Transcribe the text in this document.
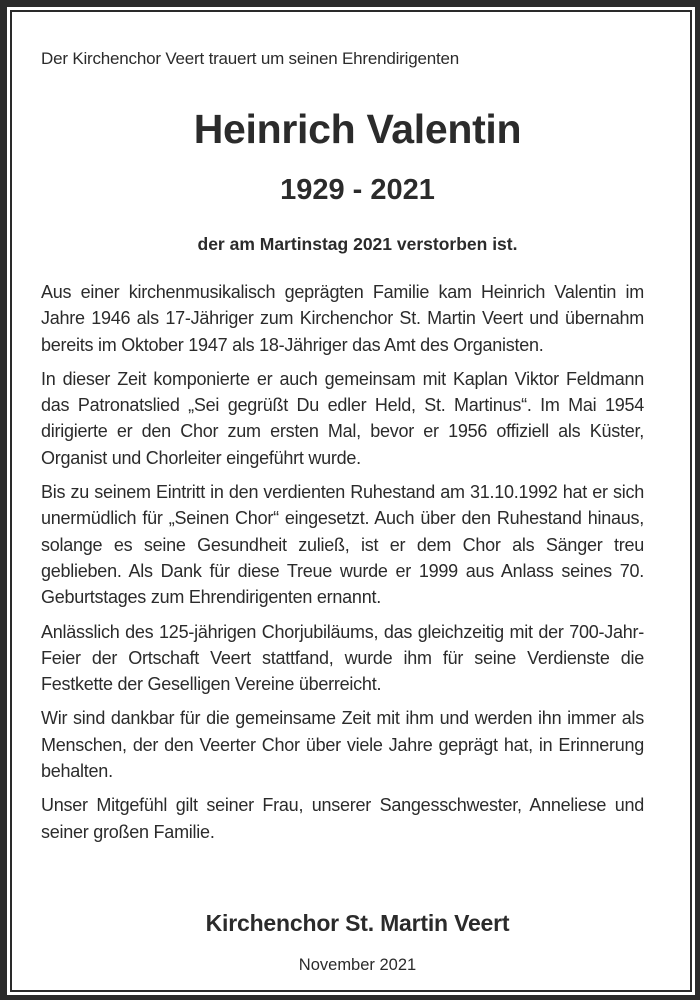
Der Kirchenchor Veert trauert um seinen Ehrendirigenten
Heinrich Valentin
1929 - 2021
der am Martinstag 2021 verstorben ist.

Aus einer kirchenmusikalisch geprägten Familie kam Heinrich Valentin im Jahre 1946 als 17-Jähriger zum Kirchenchor St. Martin Veert und übernahm bereits im Oktober 1947 als 18-Jähriger das Amt des Organisten.

In dieser Zeit komponierte er auch gemeinsam mit Kaplan Viktor Feldmann das Patronatslied „Sei gegrüßt Du edler Held, St. Martinus“. Im Mai 1954 dirigierte er den Chor zum ersten Mal, bevor er 1956 offiziell als Küster, Organist und Chorleiter eingeführt wurde.

Bis zu seinem Eintritt in den verdienten Ruhestand am 31.10.1992 hat er sich unermüdlich für „Seinen Chor“ eingesetzt. Auch über den Ruhestand hinaus, solange es seine Gesundheit zuließ, ist er dem Chor als Sänger treu geblieben. Als Dank für diese Treue wurde er 1999 aus Anlass seines 70. Geburtstages zum Ehrendirigenten ernannt.

Anlässlich des 125-jährigen Chorjubiläums, das gleichzeitig mit der 700-Jahr-Feier der Ortschaft Veert stattfand, wurde ihm für seine Verdienste die Festkette der Geselligen Vereine überreicht.

Wir sind dankbar für die gemeinsame Zeit mit ihm und werden ihn immer als Menschen, der den Veerter Chor über viele Jahre geprägt hat, in Erinnerung behalten.

Unser Mitgefühl gilt seiner Frau, unserer Sangesschwester, Anneliese und seiner großen Familie.

Kirchenchor St. Martin Veert
November 2021
